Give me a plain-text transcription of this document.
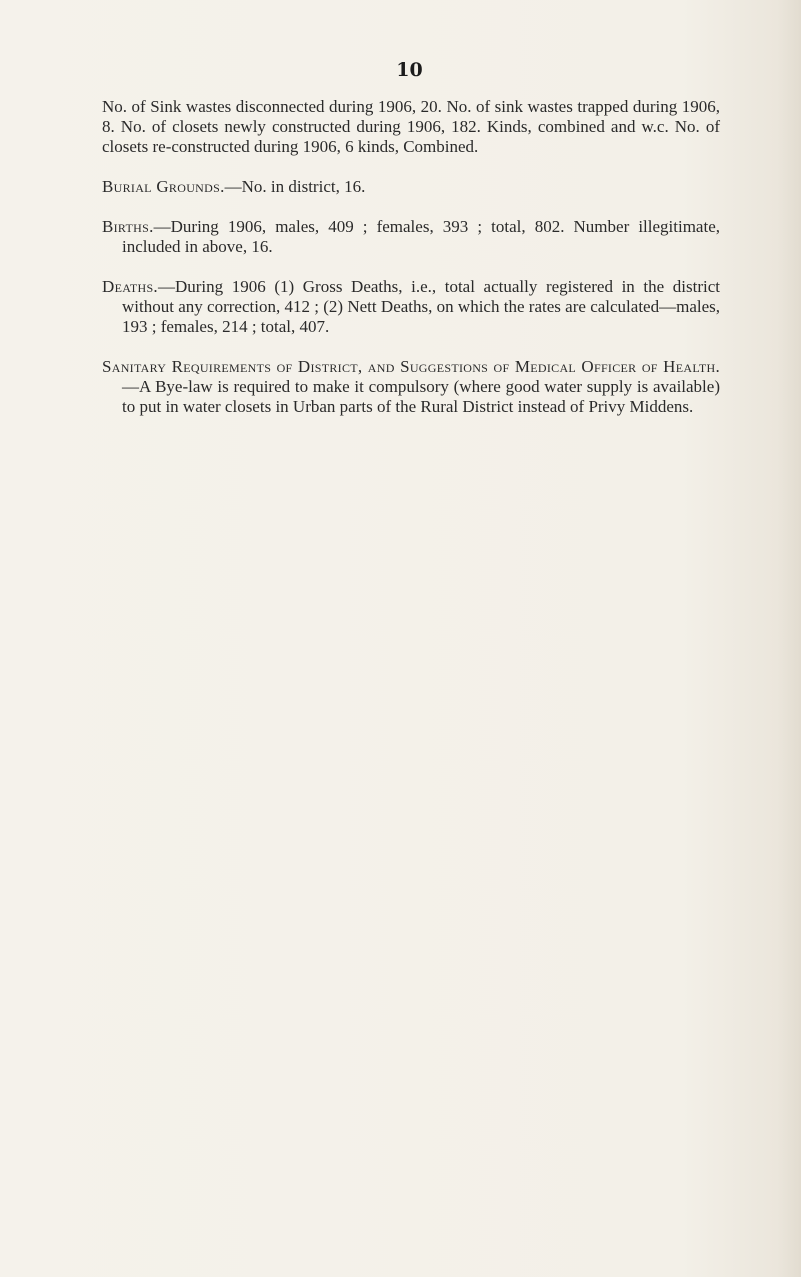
10

No. of Sink wastes disconnected during 1906, 20. No. of sink wastes trapped during 1906, 8. No. of closets newly constructed during 1906, 182. Kinds, combined and w.c. No. of closets re-constructed during 1906, 6 kinds, Combined.

Burial Grounds.—No. in district, 16.

Births.—During 1906, males, 409 ; females, 393 ; total, 802. Number illegitimate, included in above, 16.

Deaths.—During 1906 (1) Gross Deaths, i.e., total actually registered in the district without any correction, 412 ; (2) Nett Deaths, on which the rates are calculated—males, 193 ; females, 214 ; total, 407.

Sanitary Requirements of District, and Suggestions of Medical Officer of Health.—A Bye-law is required to make it compulsory (where good water supply is available) to put in water closets in Urban parts of the Rural District instead of Privy Middens.
